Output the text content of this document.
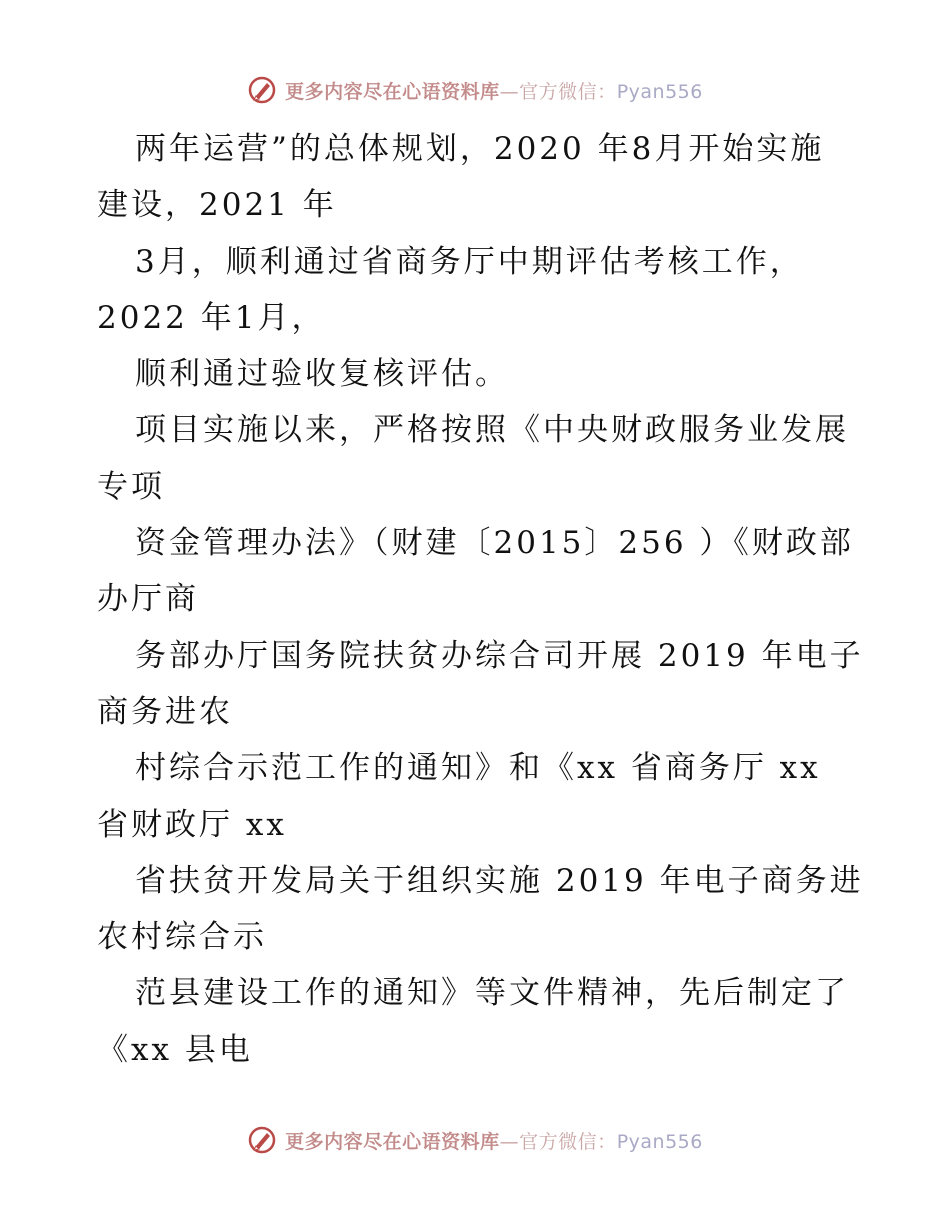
更多内容尽在心语资料库—官方微信：Pyan556
两年运营”的总体规划，2020 年8月开始实施
建设，2021 年
3月，顺利通过省商务厅中期评估考核工作，
2022 年1月，
顺利通过验收复核评估。
项目实施以来，严格按照《中央财政服务业发展
专项
资金管理办法》（财建〔2015〕256 ）《财政部
办厅商
务部办厅国务院扶贫办综合司开展 2019 年电子
商务进农
村综合示范工作的通知》和《xx 省商务厅 xx
省财政厅 xx
省扶贫开发局关于组织实施 2019 年电子商务进
农村综合示
范县建设工作的通知》等文件精神，先后制定了
《xx 县电
更多内容尽在心语资料库—官方微信：Pyan556
